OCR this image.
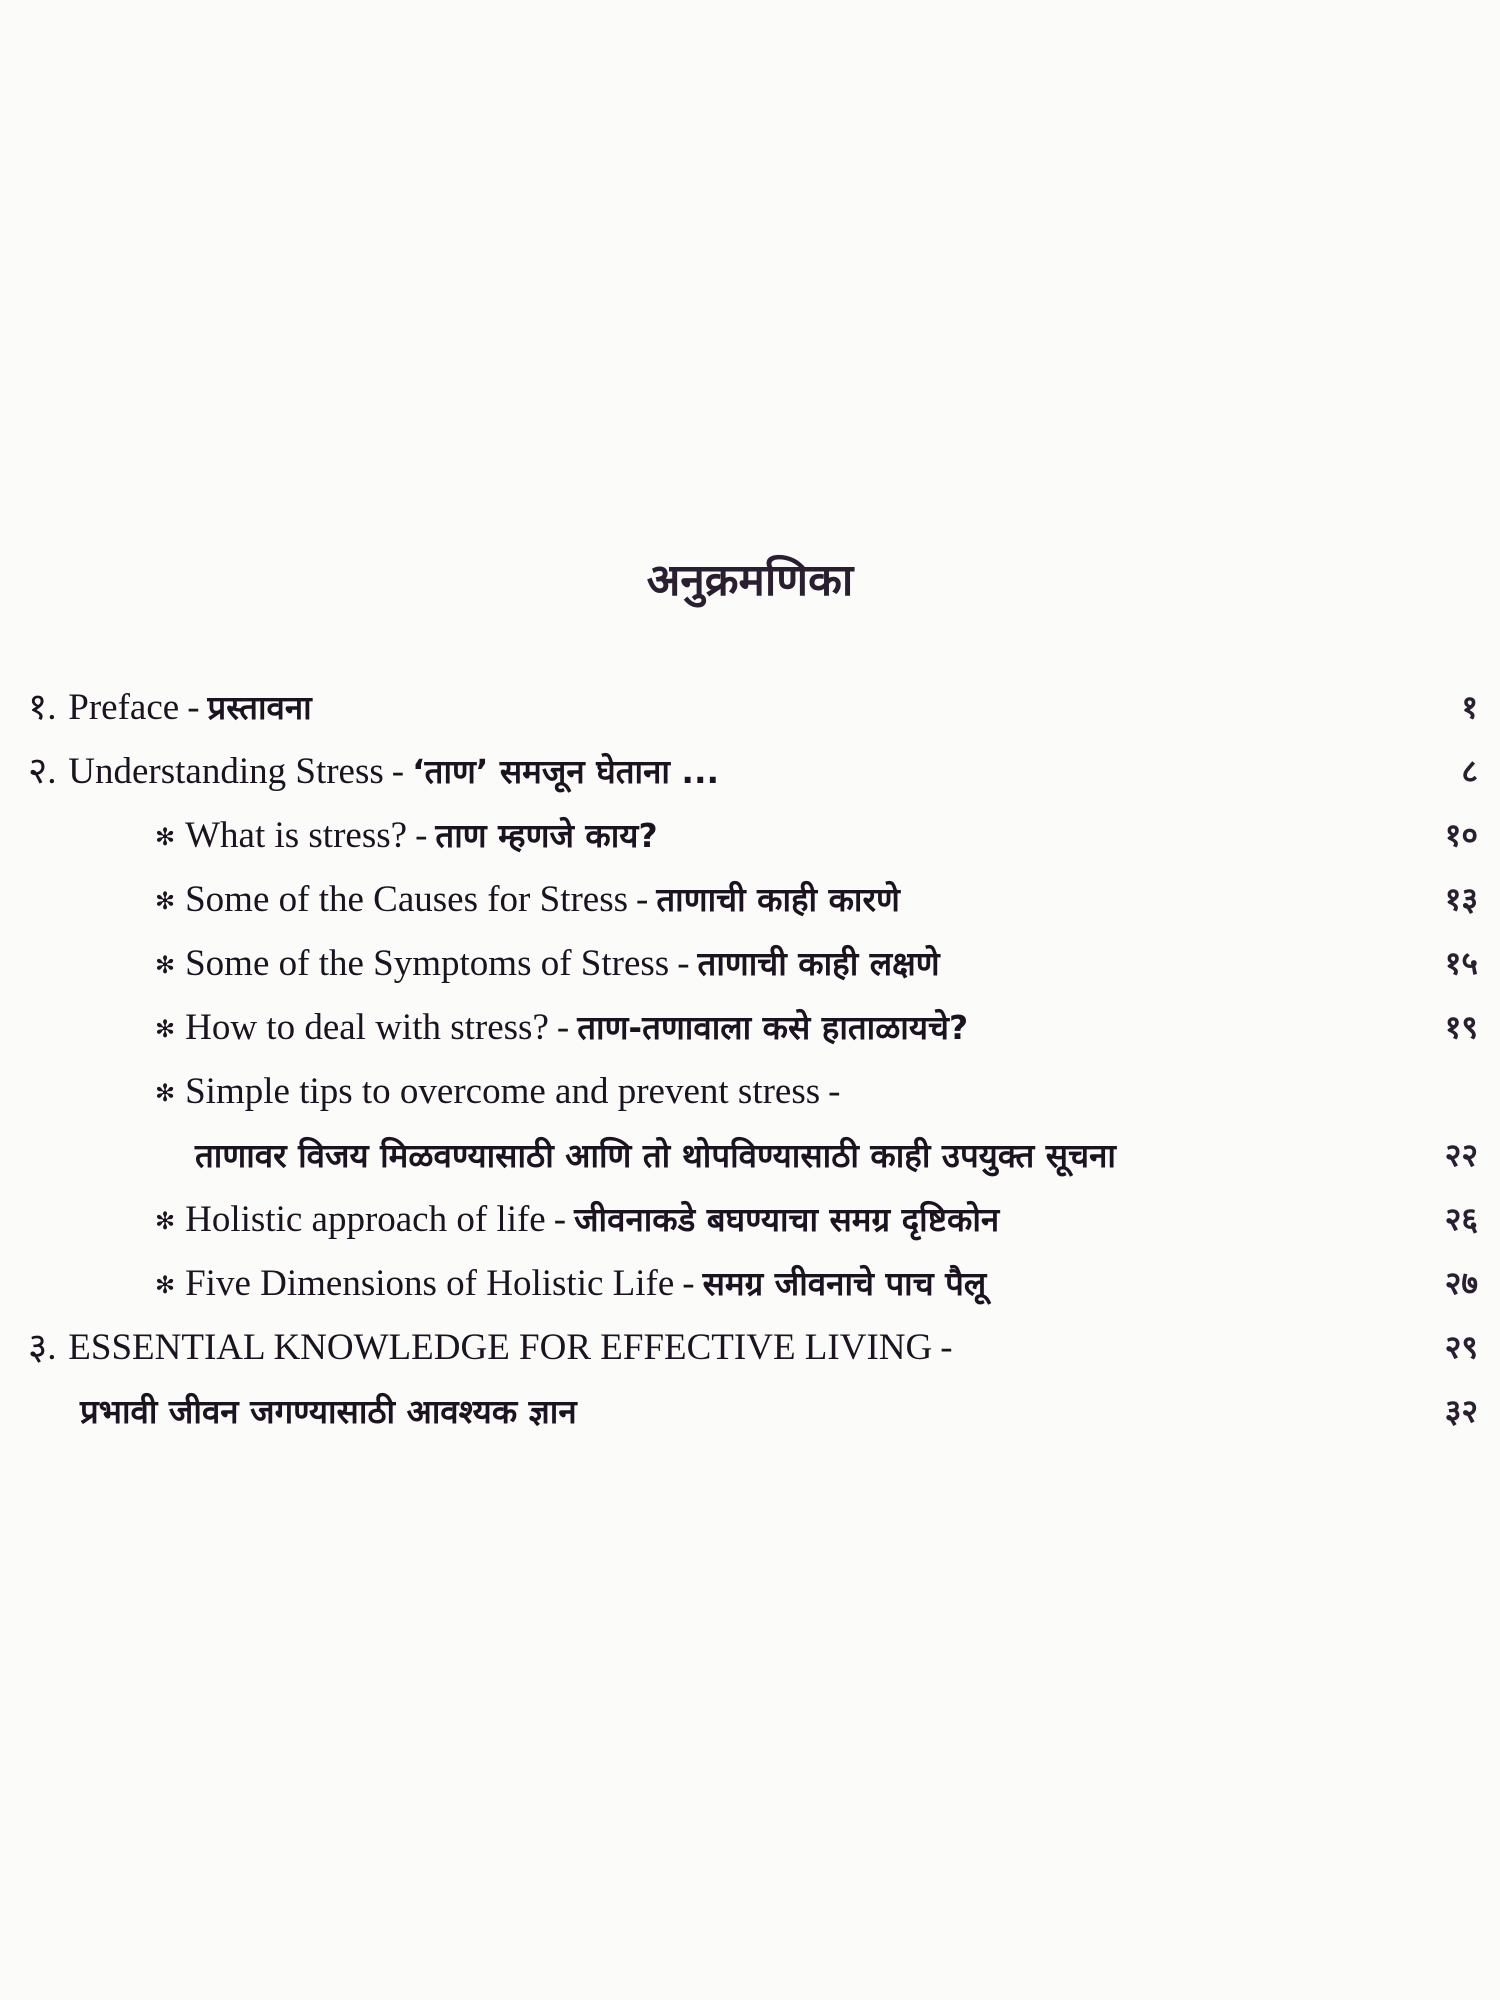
अनुक्रमणिका
१. Preface - प्रस्तावना	१
२. Understanding Stress - ‘ताण’ समजून घेताना ...	८
✻ What is stress? - ताण म्हणजे काय?	१०
✻ Some of the Causes for Stress - ताणाची काही कारणे	१३
✻ Some of the Symptoms of Stress - ताणाची काही लक्षणे	१५
✻ How to deal with stress? - ताण-तणावाला कसे हाताळायचे?	१९
✻ Simple tips to overcome and prevent stress -
ताणावर विजय मिळवण्यासाठी आणि तो थोपविण्यासाठी काही उपयुक्त सूचना	२२
✻ Holistic approach of life - जीवनाकडे बघण्याचा समग्र दृष्टिकोन	२६
✻ Five Dimensions of Holistic Life - समग्र जीवनाचे पाच पैलू	२७
३. ESSENTIAL KNOWLEDGE FOR EFFECTIVE LIVING -	२९
प्रभावी जीवन जगण्यासाठी आवश्यक ज्ञान	३२
